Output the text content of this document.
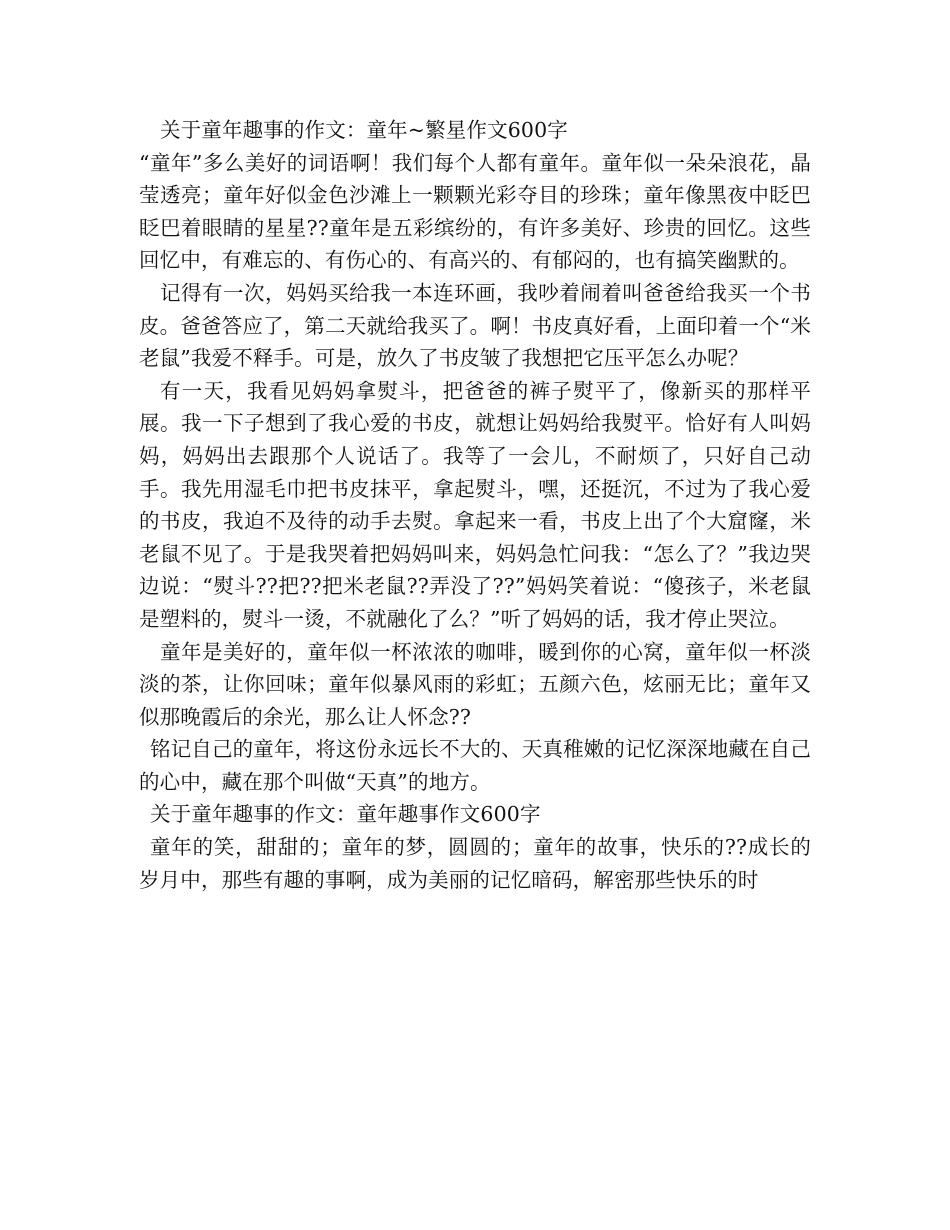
关于童年趣事的作文：童年~繁星作文600字

“童年”多么美好的词语啊！我们每个人都有童年。童年似一朵朵浪花，晶莹透亮；童年好似金色沙滩上一颗颗光彩夺目的珍珠；童年像黑夜中眨巴眨巴着眼睛的星星??童年是五彩缤纷的，有许多美好、珍贵的回忆。这些回忆中，有难忘的、有伤心的、有高兴的、有郁闷的，也有搞笑幽默的。

记得有一次，妈妈买给我一本连环画，我吵着闹着叫爸爸给我买一个书皮。爸爸答应了，第二天就给我买了。啊！书皮真好看，上面印着一个“米老鼠”我爱不释手。可是，放久了书皮皱了我想把它压平怎么办呢？

有一天，我看见妈妈拿熨斗，把爸爸的裤子熨平了，像新买的那样平展。我一下子想到了我心爱的书皮，就想让妈妈给我熨平。恰好有人叫妈妈，妈妈出去跟那个人说话了。我等了一会儿，不耐烦了，只好自己动手。我先用湿毛巾把书皮抹平，拿起熨斗，嘿，还挺沉，不过为了我心爱的书皮，我迫不及待的动手去熨。拿起来一看，书皮上出了个大窟窿，米老鼠不见了。于是我哭着把妈妈叫来，妈妈急忙问我：“怎么了？”我边哭边说：“熨斗??把??把米老鼠??弄没了??”妈妈笑着说：“傻孩子，米老鼠是塑料的，熨斗一烫，不就融化了么？”听了妈妈的话，我才停止哭泣。

童年是美好的，童年似一杯浓浓的咖啡，暖到你的心窝，童年似一杯淡淡的茶，让你回味；童年似暴风雨的彩虹；五颜六色，炫丽无比；童年又似那晚霞后的余光，那么让人怀念??

铭记自己的童年，将这份永远长不大的、天真稚嫩的记忆深深地藏在自己的心中，藏在那个叫做“天真”的地方。

关于童年趣事的作文：童年趣事作文600字

童年的笑，甜甜的；童年的梦，圆圆的；童年的故事，快乐的??成长的岁月中，那些有趣的事啊，成为美丽的记忆暗码，解密那些快乐的时
